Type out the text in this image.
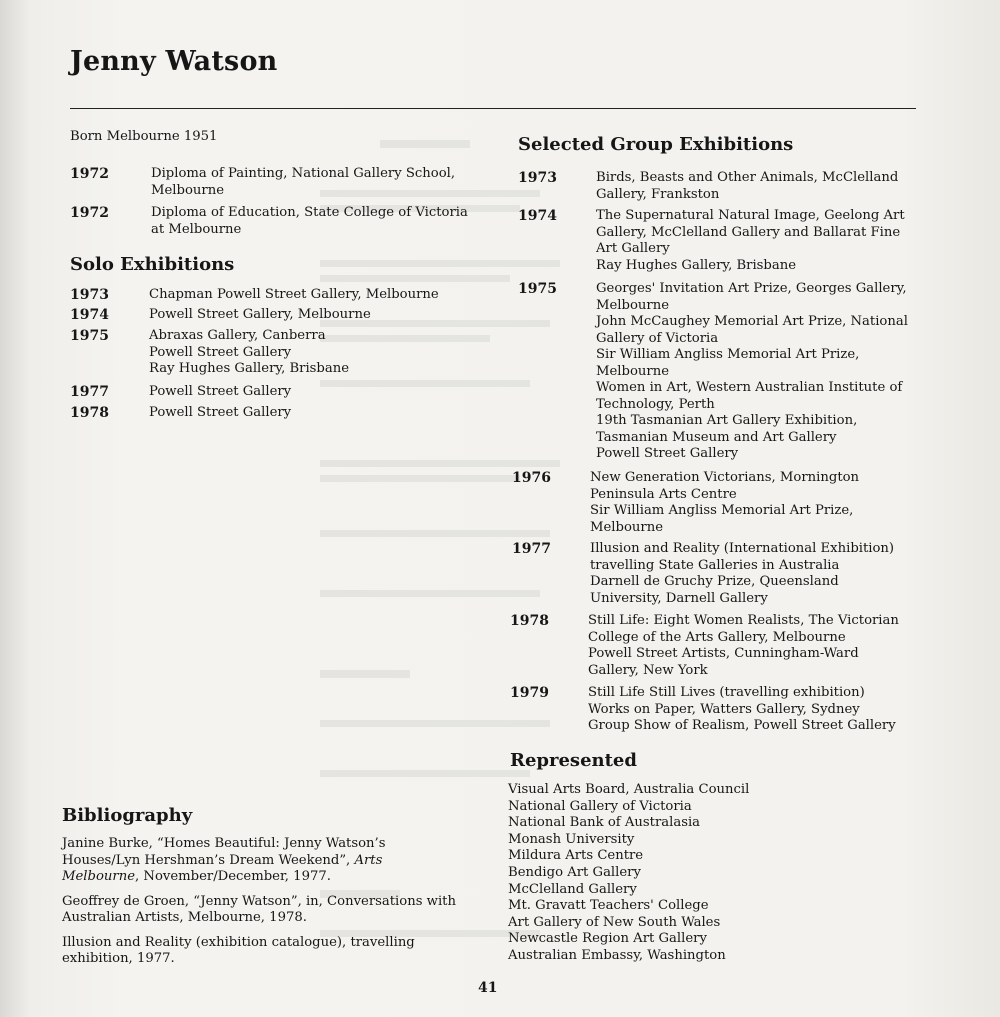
Jenny Watson
Born Melbourne 1951
1972	Diploma of Painting, National Gallery School,
Melbourne
1972	Diploma of Education, State College of Victoria
at Melbourne
Solo Exhibitions
1973	Chapman Powell Street Gallery, Melbourne
1974	Powell Street Gallery, Melbourne
1975	Abraxas Gallery, Canberra
Powell Street Gallery
Ray Hughes Gallery, Brisbane
1977	Powell Street Gallery
1978	Powell Street Gallery
Bibliography

Janine Burke, “Homes Beautiful: Jenny Watson’s Houses/Lyn Hershman’s Dream Weekend”, Arts Melbourne, November/December, 1977.

Geoffrey de Groen, “Jenny Watson”, in, Conversations with Australian Artists, Melbourne, 1978.

Illusion and Reality (exhibition catalogue), travelling exhibition, 1977.

Selected Group Exhibitions
1973	Birds, Beasts and Other Animals, McClelland
Gallery, Frankston
1974	The Supernatural Natural Image, Geelong Art
Gallery, McClelland Gallery and Ballarat Fine
Art Gallery
Ray Hughes Gallery, Brisbane
1975	Georges' Invitation Art Prize, Georges Gallery,
Melbourne
John McCaughey Memorial Art Prize, National
Gallery of Victoria
Sir William Angliss Memorial Art Prize,
Melbourne
Women in Art, Western Australian Institute of
Technology, Perth
19th Tasmanian Art Gallery Exhibition,
Tasmanian Museum and Art Gallery
Powell Street Gallery
1976	New Generation Victorians, Mornington
Peninsula Arts Centre
Sir William Angliss Memorial Art Prize,
Melbourne
1977	Illusion and Reality (International Exhibition)
travelling State Galleries in Australia
Darnell de Gruchy Prize, Queensland
University, Darnell Gallery
1978	Still Life: Eight Women Realists, The Victorian
College of the Arts Gallery, Melbourne
Powell Street Artists, Cunningham-Ward
Gallery, New York
1979	Still Life Still Lives (travelling exhibition)
Works on Paper, Watters Gallery, Sydney
Group Show of Realism, Powell Street Gallery
Represented
Visual Arts Board, Australia Council
National Gallery of Victoria
National Bank of Australasia
Monash University
Mildura Arts Centre
Bendigo Art Gallery
McClelland Gallery
Mt. Gravatt Teachers' College
Art Gallery of New South Wales
Newcastle Region Art Gallery
Australian Embassy, Washington
41
